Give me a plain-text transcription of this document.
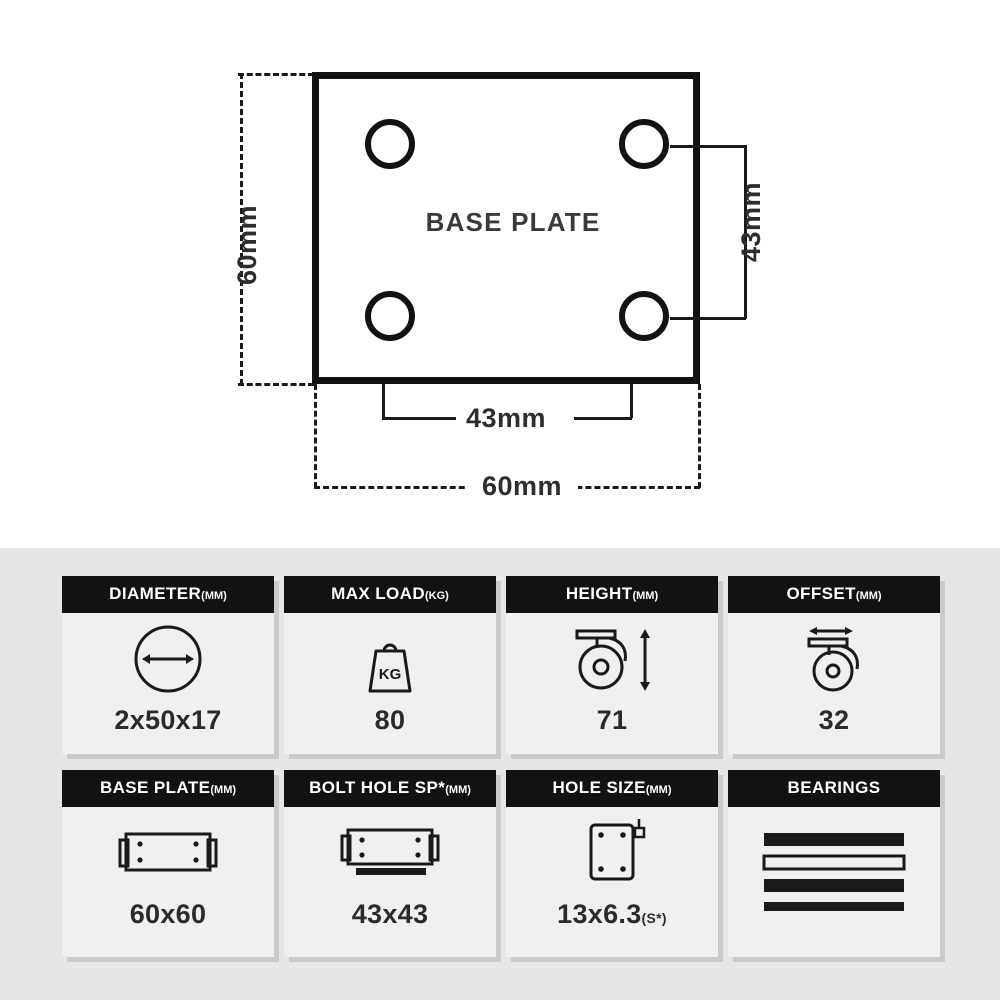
BASE PLATE
60mm	43mm
43mm
60mm
DIAMETER(MM)
2x50x17
MAX LOAD(KG)
KG
80
HEIGHT(MM)
71
OFFSET(MM)
32
BASE PLATE(MM)
60x60
BOLT HOLE SP*(MM)
43x43
HOLE SIZE(MM)
13x6.3(S*)
BEARINGS
